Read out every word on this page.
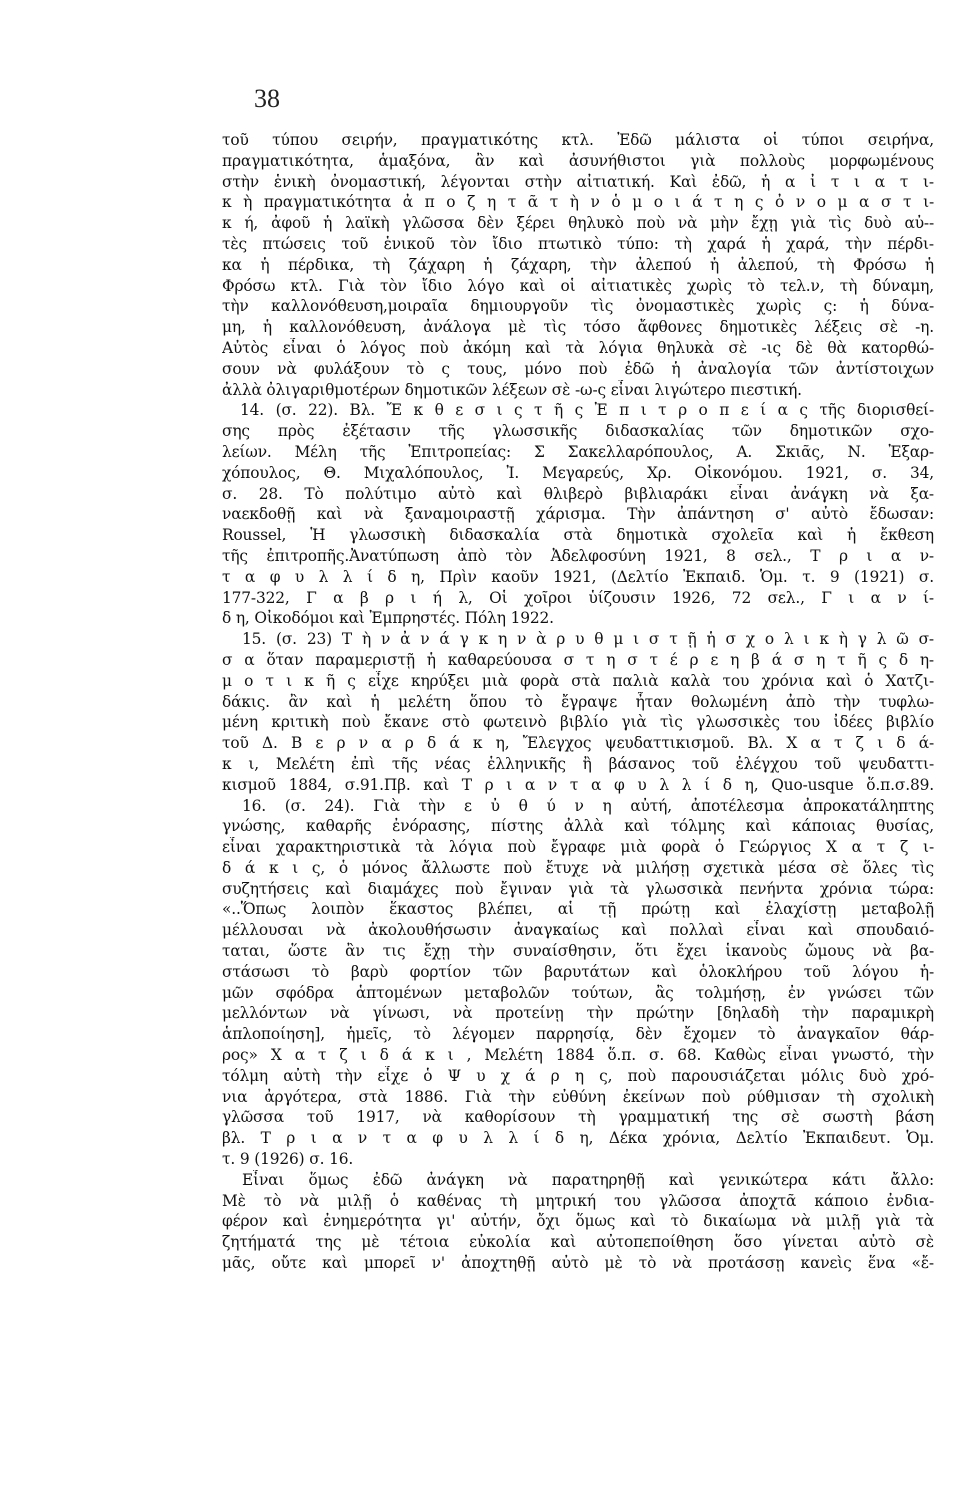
38
τοῦ τύπου σειρήν, πραγματικότης κτλ. Ἐδῶ μάλιστα οἱ τύποι σειρήνα,
πραγματικότητα, ἁμαξόνα, ἂν καὶ ἀσυνήθιστοι γιὰ πολλοὺς μορφωμένους
στὴν ἑνικὴ ὀνομαστική, λέγονται στὴν αἰτιατική. Καὶ ἐδῶ, ἡ α ἰ τ ι α τ ι-
κ ὴ πραγματικότητα ἀ π ο ζ η τ ᾶ τ ὴ ν ὁ μ ο ι ά τ η ς ὀ ν ο μ α σ τ ι-
κ ή, ἀφοῦ ἡ λαϊκὴ γλῶσσα δὲν ξέρει θηλυκὸ ποὺ νὰ μὴν ἔχῃ γιὰ τὶς δυὸ αὐ--
τὲς πτώσεις τοῦ ἑνικοῦ τὸν ἴδιο πτωτικὸ τύπο: τὴ χαρά ἡ χαρά, τὴν πέρδι-
κα ἡ πέρδικα, τὴ ζάχαρη ἡ ζάχαρη, τὴν ἀλεπού ἡ ἀλεπού, τὴ Φρόσω ἡ
Φρόσω κτλ. Γιὰ τὸν ἴδιο λόγο καὶ οἱ αἰτιατικὲς χωρὶς τὸ τελ.ν, τὴ δύναμη,
τὴν καλλονόθευση,μοιραῖα δημιουργοῦν τὶς ὀνομαστικὲς χωρὶς ς: ἡ δύνα-
μη, ἡ καλλονόθευση, ἀνάλογα μὲ τὶς τόσο ἄφθονες δημοτικὲς λέξεις σὲ -η.
Αὐτὸς εἶναι ὁ λόγος ποὺ ἀκόμη καὶ τὰ λόγια θηλυκὰ σὲ -ις δὲ θὰ κατορθώ-
σουν νὰ φυλάξουν τὸ ς τους, μόνο ποὺ ἐδῶ ἡ ἀναλογία τῶν ἀντίστοιχων
ἀλλὰ ὀλιγαριθμοτέρων δημοτικῶν λέξεων σὲ -ω-ς εἶναι λιγώτερο πιεστική.
14. (σ. 22). Βλ. Ἔ κ θ ε σ ι ς τ ῆ ς Ἐ π ι τ ρ ο π ε ί α ς τῆς διορισθεί-
σης πρὸς ἐξέτασιν τῆς γλωσσικῆς διδασκαλίας τῶν δημοτικῶν σχο-
λείων. Μέλη τῆς Ἐπιτροπείας: Σ Σακελλαρόπουλος, Α. Σκιᾶς, Ν. Ἐξαρ-
χόπουλος, Θ. Μιχαλόπουλος, Ἰ. Μεγαρεύς, Χρ. Οἰκονόμου. 1921, σ. 34,
σ. 28. Τὸ πολύτιμο αὐτὸ καὶ θλιβερὸ βιβλιαράκι εἶναι ἀνάγκη νὰ ξα-
ναεκδοθῇ καὶ νὰ ξαναμοιραστῇ χάρισμα. Τὴν ἀπάντηση σ' αὐτὸ ἔδωσαν:
Roussel, Ἡ γλωσσικὴ διδασκαλία στὰ δημοτικὰ σχολεῖα καὶ ἡ ἔκθεση
τῆς ἐπιτροπῆς.Ἀνατύπωση ἀπὸ τὸν Ἀδελφοσύνη 1921, 8 σελ., Τ ρ ι α ν-
τ α φ υ λ λ ί δ η, Πρὶν καοῦν 1921, (Δελτίο Ἐκπαιδ. Ὁμ. τ. 9 (1921) σ.
177-322, Γ α β ρ ι ή λ, Οἱ χοῖροι ὑίζουσιν 1926, 72 σελ., Γ ι α ν ί-
δ η, Οἰκοδόμοι καὶ Ἐμπρηστές. Πόλη 1922.
15. (σ. 23) Τ ὴ ν ἀ ν ά γ κ η ν ὰ ρ υ θ μ ι σ τ ῇ ἡ σ χ ο λ ι κ ὴ γ λ ῶ σ-
σ α ὅταν παραμεριστῇ ἡ καθαρεύουσα σ τ η σ τ έ ρ ε η β ά σ η τ ῆ ς δ η-
μ ο τ ι κ ῆ ς εἶχε κηρύξει μιὰ φορὰ στὰ παλιὰ καλὰ του χρόνια καὶ ὁ Χατζι-
δάκις. ἂν καὶ ἡ μελέτη ὅπου τὸ ἔγραψε ἦταν θολωμένη ἀπὸ τὴν τυφλω-
μένη κριτικὴ ποὺ ἔκανε στὸ φωτεινὸ βιβλίο γιὰ τὶς γλωσσικὲς του ἰδέες βιβλίο
τοῦ Δ. Β ε ρ ν α ρ δ ά κ η, Ἔλεγχος ψευδαττικισμοῦ. Βλ. Χ α τ ζ ι δ ά-
κ ι, Μελέτη ἐπὶ τῆς νέας ἑλληνικῆς ἢ βάσανος τοῦ ἐλέγχου τοῦ ψευδαττι-
κισμοῦ 1884, σ.91.Πβ. καὶ Τ ρ ι α ν τ α φ υ λ λ ί δ η, Quo-usque ὅ.π.σ.89.
16. (σ. 24). Γιὰ τὴν ε ὐ θ ύ ν η αὐτή, ἀποτέλεσμα ἀπροκατάληπτης
γνώσης, καθαρῆς ἐνόρασης, πίστης ἀλλὰ καὶ τόλμης καὶ κάποιας θυσίας,
εἶναι χαρακτηριστικὰ τὰ λόγια ποὺ ἔγραφε μιὰ φορὰ ὁ Γεώργιος Χ α τ ζ ι-
δ ά κ ι ς, ὁ μόνος ἄλλωστε ποὺ ἔτυχε νὰ μιλήσῃ σχετικὰ μέσα σὲ ὅλες τὶς
συζητήσεις καὶ διαμάχες ποὺ ἔγιναν γιὰ τὰ γλωσσικὰ πενήντα χρόνια τώρα:
«..Ὅπως λοιπὸν ἕκαστος βλέπει, αἱ τῇ πρώτῃ καὶ ἐλαχίστῃ μεταβολῇ
μέλλουσαι νὰ ἀκολουθήσωσιν ἀναγκαίως καὶ πολλαὶ εἶναι καὶ σπουδαιό-
ταται, ὥστε ἂν τις ἔχῃ τὴν συναίσθησιν, ὅτι ἔχει ἱκανοὺς ὤμους νὰ βα-
στάσωσι τὸ βαρὺ φορτίον τῶν βαρυτάτων καὶ ὁλοκλήρου τοῦ λόγου ἡ-
μῶν σφόδρα ἁπτομένων μεταβολῶν τούτων, ἂς τολμήσῃ, ἐν γνώσει τῶν
μελλόντων νὰ γίνωσι, νὰ προτείνῃ τὴν πρώτην [δηλαδὴ τὴν παραμικρὴ
ἁπλοποίηση], ἡμεῖς, τὸ λέγομεν παρρησίᾳ, δὲν ἔχομεν τὸ ἀναγκαῖον θάρ-
ρος» Χ α τ ζ ι δ ά κ ι , Μελέτη 1884 ὅ.π. σ. 68. Καθὼς εἶναι γνωστό, τὴν
τόλμη αὐτὴ τὴν εἶχε ὁ Ψ υ χ ά ρ η ς, ποὺ παρουσιάζεται μόλις δυὸ χρό-
νια ἀργότερα, στὰ 1886. Γιὰ τὴν εὐθύνη ἐκείνων ποὺ ρύθμισαν τὴ σχολικὴ
γλῶσσα τοῦ 1917, νὰ καθορίσουν τὴ γραμματική της σὲ σωστὴ βάση
βλ. Τ ρ ι α ν τ α φ υ λ λ ί δ η, Δέκα χρόνια, Δελτίο Ἐκπαιδευτ. Ὁμ.
τ. 9 (1926) σ. 16.
Εἶναι ὅμως ἐδῶ ἀνάγκη νὰ παρατηρηθῇ καὶ γενικώτερα κάτι ἄλλο:
Μὲ τὸ νὰ μιλῇ ὁ καθένας τὴ μητρική του γλῶσσα ἀποχτᾶ κάποιο ἐνδια-
φέρον καὶ ἐνημερότητα γι' αὐτήν, ὄχι ὅμως καὶ τὸ δικαίωμα νὰ μιλῇ γιὰ τὰ
ζητήματά της μὲ τέτοια εὐκολία καὶ αὐτοπεποίθηση ὅσο γίνεται αὐτὸ σὲ
μᾶς, οὔτε καὶ μπορεῖ ν' ἀποχτηθῇ αὐτὸ μὲ τὸ νὰ προτάσσῃ κανεὶς ἕνα «ἔ-
